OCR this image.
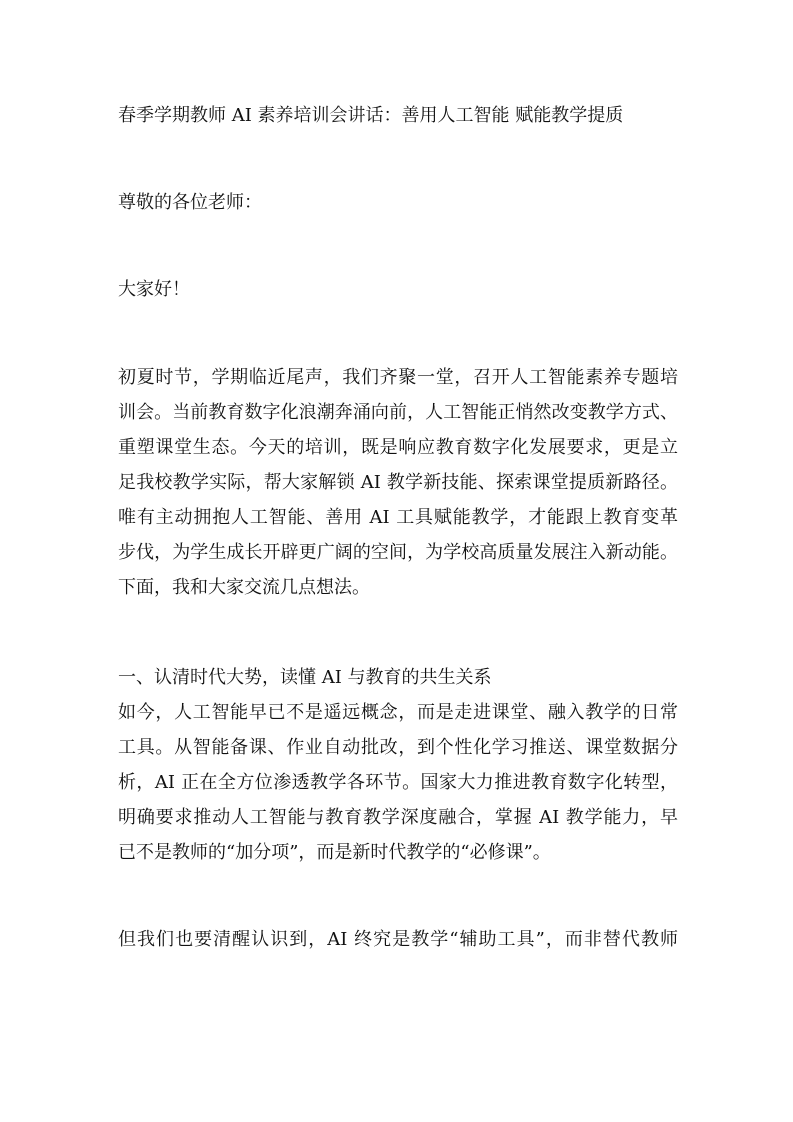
春季学期教师 AI 素养培训会讲话：善用人工智能 赋能教学提质
尊敬的各位老师：
大家好！
初夏时节，学期临近尾声，我们齐聚一堂，召开人工智能素养专题培
训会。当前教育数字化浪潮奔涌向前，人工智能正悄然改变教学方式、
重塑课堂生态。今天的培训，既是响应教育数字化发展要求，更是立
足我校教学实际，帮大家解锁 AI 教学新技能、探索课堂提质新路径。
唯有主动拥抱人工智能、善用 AI 工具赋能教学，才能跟上教育变革
步伐，为学生成长开辟更广阔的空间，为学校高质量发展注入新动能。
下面，我和大家交流几点想法。
一、认清时代大势，读懂 AI 与教育的共生关系
如今，人工智能早已不是遥远概念，而是走进课堂、融入教学的日常
工具。从智能备课、作业自动批改，到个性化学习推送、课堂数据分
析，AI 正在全方位渗透教学各环节。国家大力推进教育数字化转型，
明确要求推动人工智能与教育教学深度融合，掌握 AI 教学能力，早
已不是教师的“加分项”，而是新时代教学的“必修课”。
但我们也要清醒认识到，AI 终究是教学“辅助工具”，而非替代教师
